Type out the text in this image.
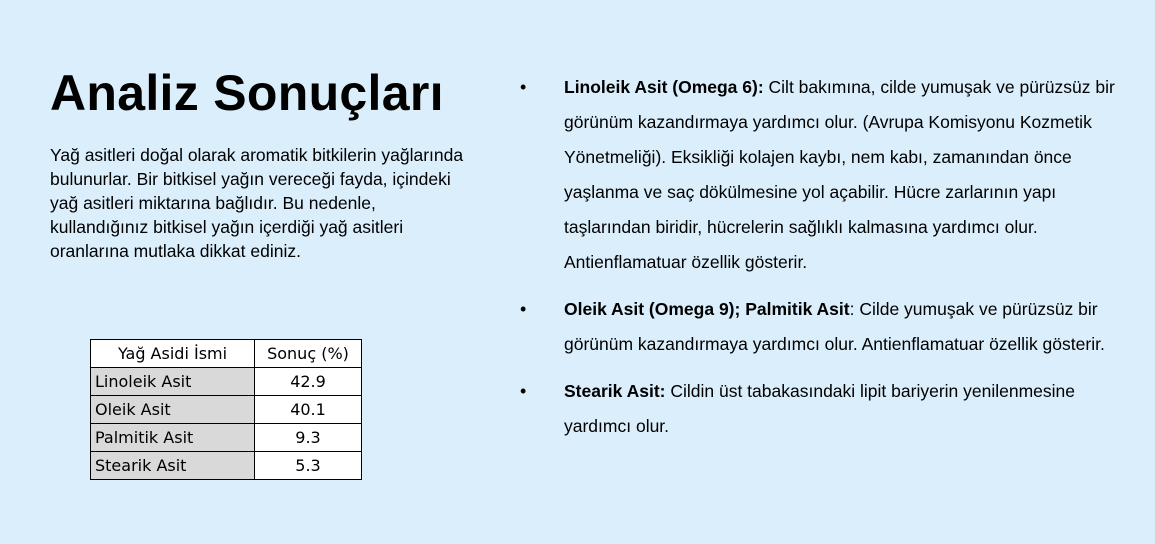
Analiz Sonuçları

Yağ asitleri doğal olarak aromatik bitkilerin yağlarında bulunurlar. Bir bitkisel yağın vereceği fayda, içindeki yağ asitleri miktarına bağlıdır. Bu nedenle, kullandığınız bitkisel yağın içerdiği yağ asitleri oranlarına mutlaka dikkat ediniz.

Yağ Asidi İsmi	Sonuç (%)
Linoleik Asit	42.9
Oleik Asit	40.1
Palmitik Asit	9.3
Stearik Asit	5.3
• Linoleik Asit (Omega 6): Cilt bakımına, cilde yumuşak ve pürüzsüz bir görünüm kazandırmaya yardımcı olur. (Avrupa Komisyonu Kozmetik Yönetmeliği). Eksikliği kolajen kaybı, nem kabı, zamanından önce yaşlanma ve saç dökülmesine yol açabilir. Hücre zarlarının yapı taşlarından biridir, hücrelerin sağlıklı kalmasına yardımcı olur. Antienflamatuar özellik gösterir.
• Oleik Asit (Omega 9); Palmitik Asit: Cilde yumuşak ve pürüzsüz bir görünüm kazandırmaya yardımcı olur. Antienflamatuar özellik gösterir.
• Stearik Asit: Cildin üst tabakasındaki lipit bariyerin yenilenmesine yardımcı olur.
